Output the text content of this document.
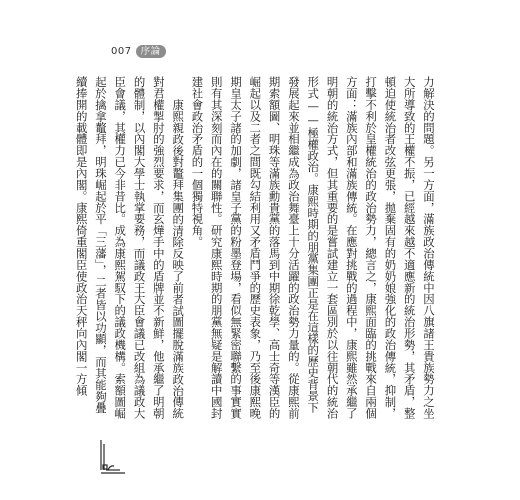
007 序論

力解決的問題。另一方面，滿族政治傳統中因八旗諸王貴族勢力之坐大所導致的王權不振，已經越來越不適應新的統治形勢，其矛盾，整頓迫使統治者改弦更張，拋棄固有的奶奶娘強化的政治傳統，抑制，打擊不利於皇權統治的政治勢力，總言之，康熙面臨的挑戰來自兩個方面：滿族內部和滿族傳統。在應對挑戰的過程中，康熙雖然承繼了明朝的統治方式，但其重要的是嘗試建立一套區別於以往朝代的統治形式——極權政治。康熙時期的朋黨集團正是在這樣的歷史背景下發展起來並相繼成為政治舞臺上十分活躍的政治勢力量的。從康熙前期索額圖、明珠等滿族勳貴黨的落馬到中期徐乾學、高士奇等漢臣的崛起以及二者之間既勾結利用又矛盾鬥爭的歷史表象，乃至後康熙晚期皇太子諸的加劇，諸皇子黨的粉墨登場，看似無緊密聯繫的事實實則有其深刻而內在的關聯性。研究康熙時期的朋黨無疑是解讀中國封建社會政治矛盾的一個獨特視角。

康熙親政後對鼇拜集團的清除反映了前者試圖擺脫滿族政治傳統對君權掣肘的強烈要求，而玄燁手中的盾牌並不新鮮，他承繼了明朝的體制，以內閣大學士執掌要務，而議政王大臣會議已改組為議政大臣會議，其權力已今非昔比。成為康熙駕馭下的議政機構。索額圖崛起於擒拿鼇拜，明珠崛起於平「三藩」，二者皆以功顯，而其能夠疊續捧開的載體即是內閣。康熙倚重閣臣使政治天秤向內閣一方傾
